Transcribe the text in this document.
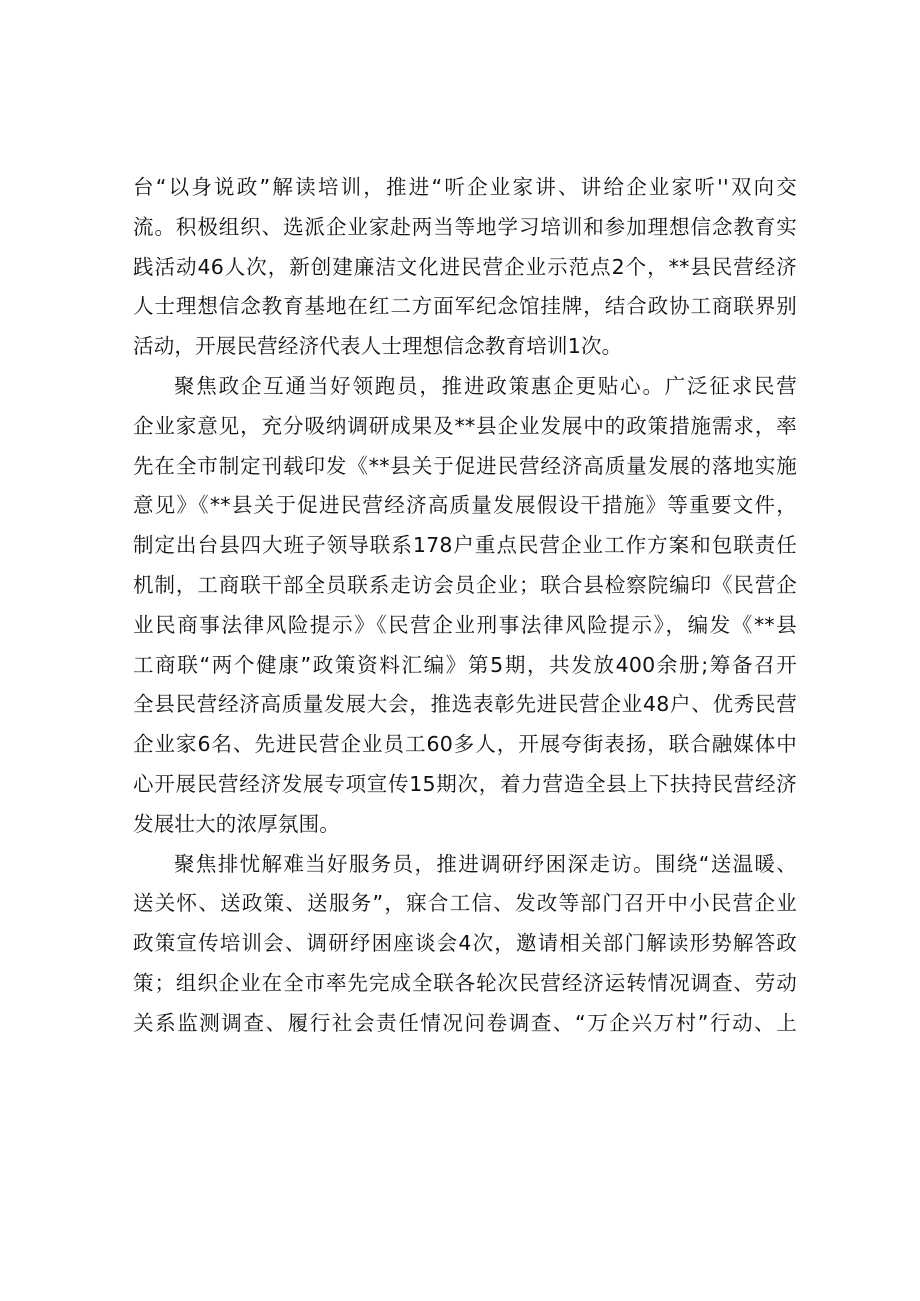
台“以身说政”解读培训，推进“听企业家讲、讲给企业家听''双向交
流。积极组织、选派企业家赴两当等地学习培训和参加理想信念教育实
践活动46人次，新创建廉洁文化进民营企业示范点2个，**县民营经济
人士理想信念教育基地在红二方面军纪念馆挂牌，结合政协工商联界别
活动，开展民营经济代表人士理想信念教育培训1次。
聚焦政企互通当好领跑员，推进政策惠企更贴心。广泛征求民营
企业家意见，充分吸纳调研成果及**县企业发展中的政策措施需求，率
先在全市制定刊载印发《**县关于促进民营经济高质量发展的落地实施
意见》《**县关于促进民营经济高质量发展假设干措施》等重要文件，
制定出台县四大班子领导联系178户重点民营企业工作方案和包联责任
机制，工商联干部全员联系走访会员企业；联合县检察院编印《民营企
业民商事法律风险提示》《民营企业刑事法律风险提示》，编发《**县
工商联“两个健康”政策资料汇编》第5期，共发放400余册;筹备召开
全县民营经济高质量发展大会，推选表彰先进民营企业48户、优秀民营
企业家6名、先进民营企业员工60多人，开展夸街表扬，联合融媒体中
心开展民营经济发展专项宣传15期次，着力营造全县上下扶持民营经济
发展壮大的浓厚氛围。
聚焦排忧解难当好服务员，推进调研纾困深走访。围绕“送温暖、
送关怀、送政策、送服务”，寐合工信、发改等部门召开中小民营企业
政策宣传培训会、调研纾困座谈会4次，邀请相关部门解读形势解答政
策；组织企业在全市率先完成全联各轮次民营经济运转情况调查、劳动
关系监测调查、履行社会责任情况问卷调查、“万企兴万村”行动、上
